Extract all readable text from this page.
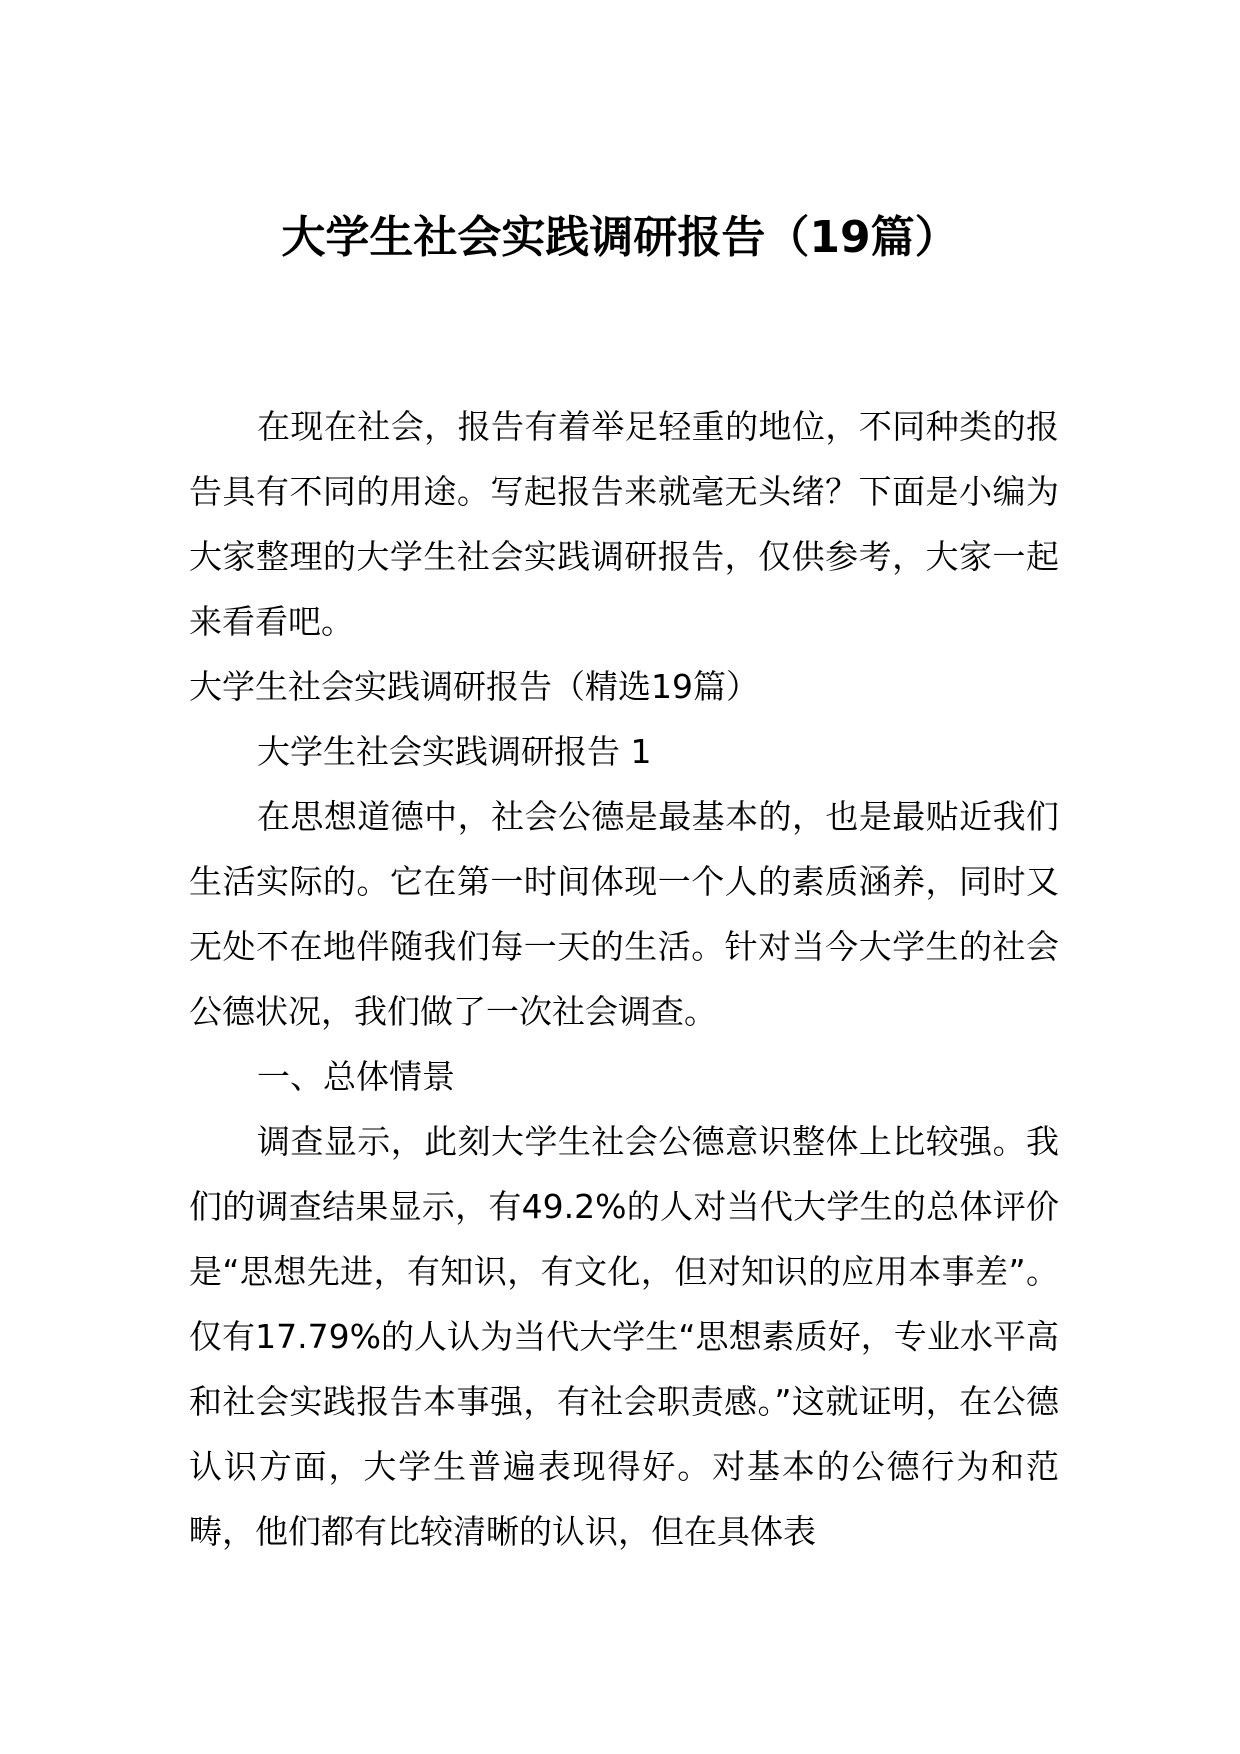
大学生社会实践调研报告（19篇）

在现在社会，报告有着举足轻重的地位，不同种类的报告具有不同的用途。写起报告来就毫无头绪？下面是小编为大家整理的大学生社会实践调研报告，仅供参考，大家一起来看看吧。

大学生社会实践调研报告（精选19篇）

大学生社会实践调研报告 1

在思想道德中，社会公德是最基本的，也是最贴近我们生活实际的。它在第一时间体现一个人的素质涵养，同时又无处不在地伴随我们每一天的生活。针对当今大学生的社会公德状况，我们做了一次社会调查。

一、总体情景

调查显示，此刻大学生社会公德意识整体上比较强。我们的调查结果显示，有49.2%的人对当代大学生的总体评价是“思想先进，有知识，有文化，但对知识的应用本事差”。仅有17.79%的人认为当代大学生“思想素质好，专业水平高和社会实践报告本事强，有社会职责感。”这就证明，在公德认识方面，大学生普遍表现得好。对基本的公德行为和范畴，他们都有比较清晰的认识，但在具体表
